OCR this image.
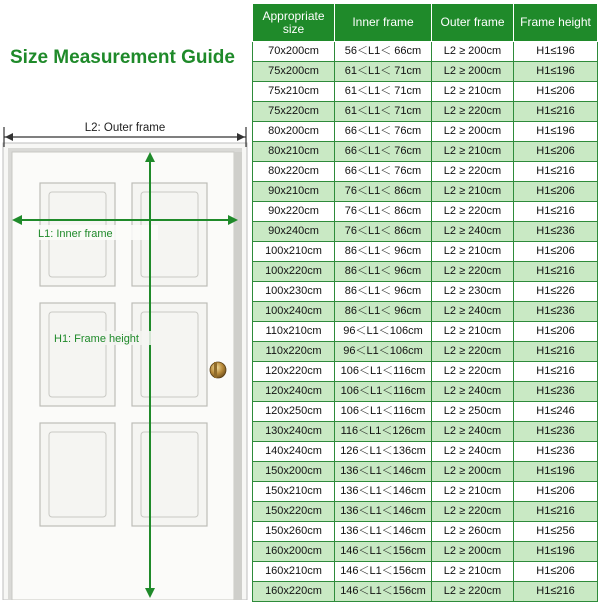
Size Measurement Guide
L2: Outer frame
L1: Inner frame
H1: Frame height
Appropriate size	Inner frame	Outer frame	Frame height
70x200cm	56＜L1＜ 66cm	L2 ≥ 200cm	H1≤196
75x200cm	61＜L1＜ 71cm	L2 ≥ 200cm	H1≤196
75x210cm	61＜L1＜ 71cm	L2 ≥ 210cm	H1≤206
75x220cm	61＜L1＜ 71cm	L2 ≥ 220cm	H1≤216
80x200cm	66＜L1＜ 76cm	L2 ≥ 200cm	H1≤196
80x210cm	66＜L1＜ 76cm	L2 ≥ 210cm	H1≤206
80x220cm	66＜L1＜ 76cm	L2 ≥ 220cm	H1≤216
90x210cm	76＜L1＜ 86cm	L2 ≥ 210cm	H1≤206
90x220cm	76＜L1＜ 86cm	L2 ≥ 220cm	H1≤216
90x240cm	76＜L1＜ 86cm	L2 ≥ 240cm	H1≤236
100x210cm	86＜L1＜ 96cm	L2 ≥ 210cm	H1≤206
100x220cm	86＜L1＜ 96cm	L2 ≥ 220cm	H1≤216
100x230cm	86＜L1＜ 96cm	L2 ≥ 230cm	H1≤226
100x240cm	86＜L1＜ 96cm	L2 ≥ 240cm	H1≤236
110x210cm	96＜L1＜106cm	L2 ≥ 210cm	H1≤206
110x220cm	96＜L1＜106cm	L2 ≥ 220cm	H1≤216
120x220cm	106＜L1＜116cm	L2 ≥ 220cm	H1≤216
120x240cm	106＜L1＜116cm	L2 ≥ 240cm	H1≤236
120x250cm	106＜L1＜116cm	L2 ≥ 250cm	H1≤246
130x240cm	116＜L1＜126cm	L2 ≥ 240cm	H1≤236
140x240cm	126＜L1＜136cm	L2 ≥ 240cm	H1≤236
150x200cm	136＜L1＜146cm	L2 ≥ 200cm	H1≤196
150x210cm	136＜L1＜146cm	L2 ≥ 210cm	H1≤206
150x220cm	136＜L1＜146cm	L2 ≥ 220cm	H1≤216
150x260cm	136＜L1＜146cm	L2 ≥ 260cm	H1≤256
160x200cm	146＜L1＜156cm	L2 ≥ 200cm	H1≤196
160x210cm	146＜L1＜156cm	L2 ≥ 210cm	H1≤206
160x220cm	146＜L1＜156cm	L2 ≥ 220cm	H1≤216
